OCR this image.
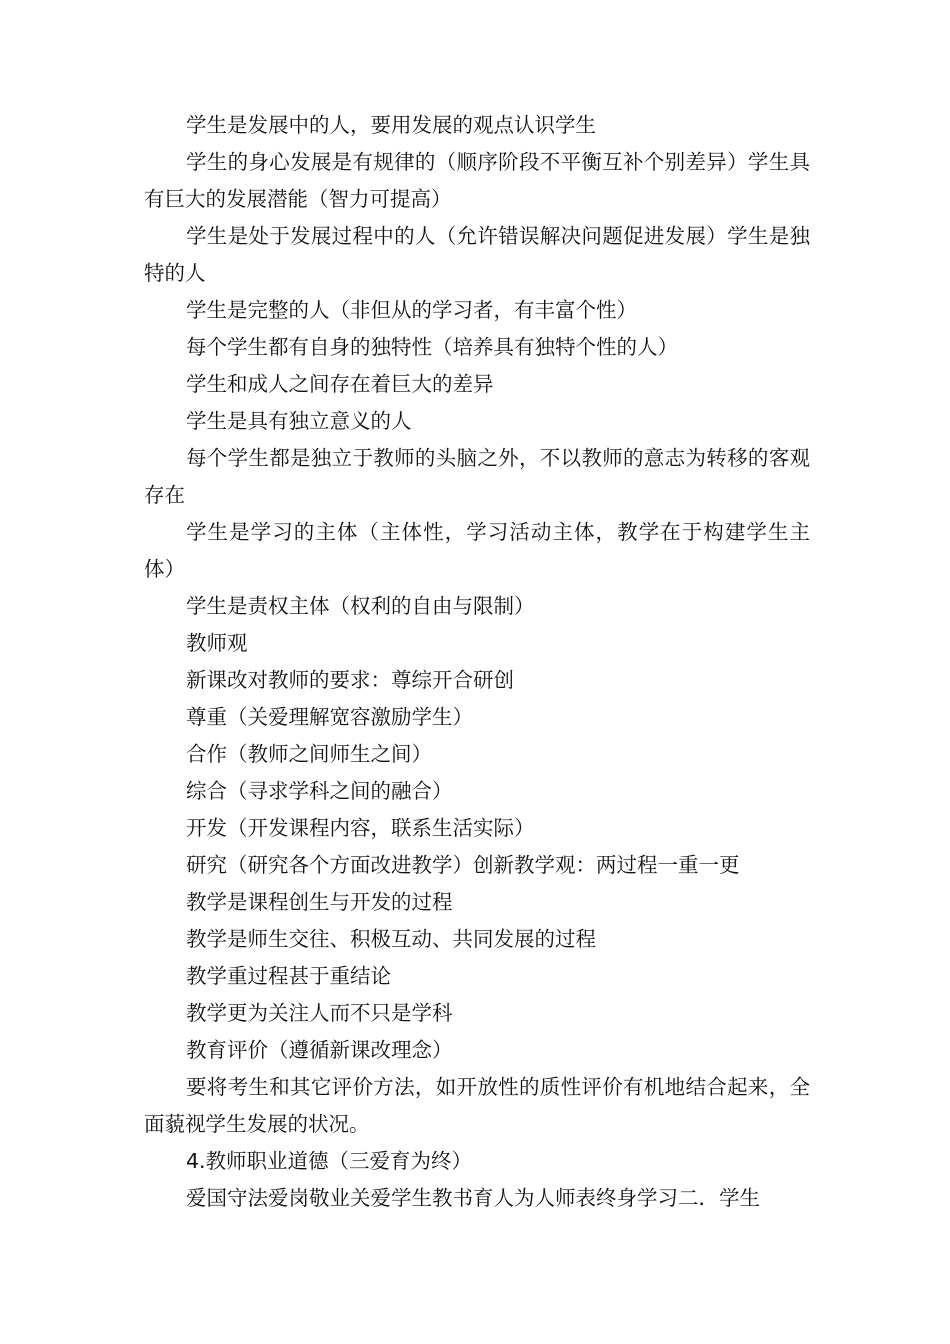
学生是发展中的人，要用发展的观点认识学生

学生的身心发展是有规律的（顺序阶段不平衡互补个别差异）学生具有巨大的发展潜能（智力可提高）

学生是处于发展过程中的人（允许错误解决问题促进发展）学生是独特的人

学生是完整的人（非但从的学习者，有丰富个性）

每个学生都有自身的独特性（培养具有独特个性的人）

学生和成人之间存在着巨大的差异

学生是具有独立意义的人

每个学生都是独立于教师的头脑之外，不以教师的意志为转移的客观存在

学生是学习的主体（主体性，学习活动主体，教学在于构建学生主体）

学生是责权主体（权利的自由与限制）

教师观

新课改对教师的要求：尊综开合研创

尊重（关爱理解宽容激励学生）

合作（教师之间师生之间）

综合（寻求学科之间的融合）

开发（开发课程内容，联系生活实际）

研究（研究各个方面改进教学）创新教学观：两过程一重一更

教学是课程创生与开发的过程

教学是师生交往、积极互动、共同发展的过程

教学重过程甚于重结论

教学更为关注人而不只是学科

教育评价（遵循新课改理念）

要将考生和其它评价方法，如开放性的质性评价有机地结合起来，全面藐视学生发展的状况。

4.教师职业道德（三爱育为终）

爱国守法爱岗敬业关爱学生教书育人为人师表终身学习二．学生
